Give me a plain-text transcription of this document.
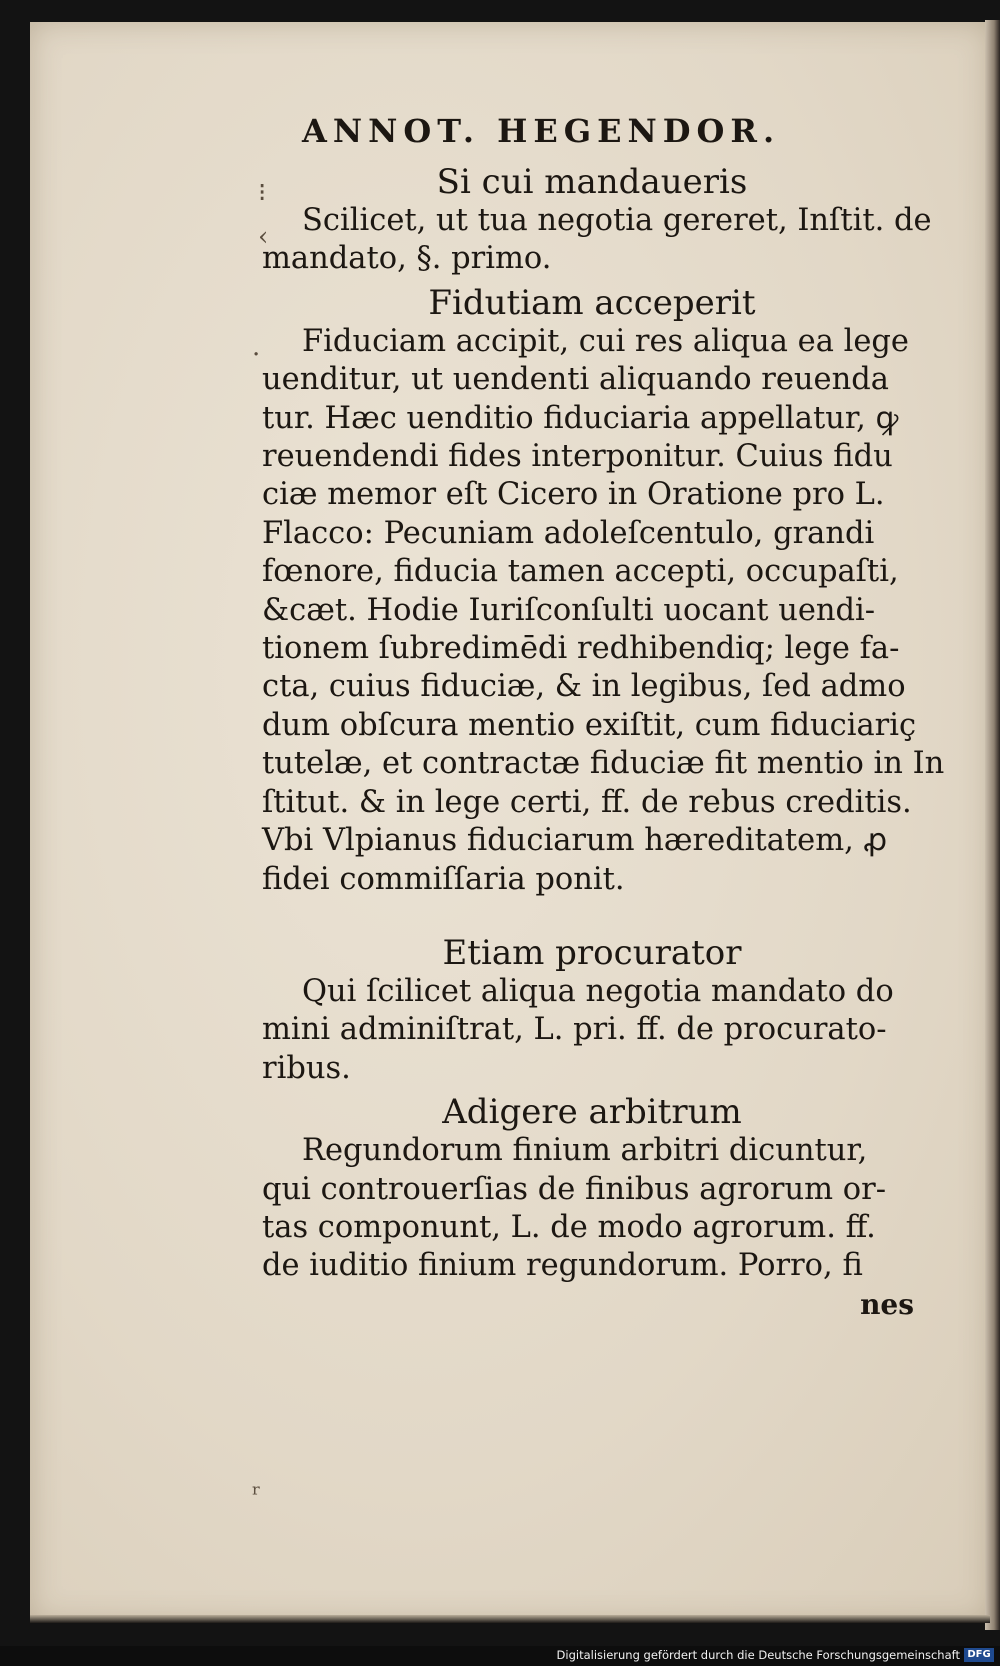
⁝
‹
·
ʳ
ANNOT. HEGENDOR.
Si cui mandaueris

Scilicet, ut tua negotia gereret, Inſtit. de
mandato, §. primo.

Fidutiam acceperit

Fiduciam accipit, cui res aliqua ea lege
uenditur, ut uendenti aliquando reuenda
tur. Hæc uenditio fiduciaria appellatur, ꝙ
reuendendi fides interponitur. Cuius fidu
ciæ memor eſt Cicero in Oratione pro L.
Flacco: Pecuniam adoleſcentulo, grandi
fœnore, fiducia tamen accepti, occupaſti,
&cæt. Hodie Iuriſconſulti uocant uendi-
tionem ſubredimēdi redhibendiq; lege fa-
cta, cuius fiduciæ, & in legibus, ſed admo
dum obſcura mentio exiſtit, cum fiduciariç
tutelæ, et contractæ fiduciæ fit mentio in In
ſtitut. & in lege certi, ff. de rebus creditis.
Vbi Vlpianus fiduciarum hæreditatem, ꝓ
fidei commiſſaria ponit.

Etiam procurator

Qui ſcilicet aliqua negotia mandato do
mini adminiſtrat, L. pri. ff. de procurato-
ribus.

Adigere arbitrum

Regundorum finium arbitri dicuntur,
qui controuerſias de finibus agrorum or-
tas componunt, L. de modo agrorum. ff.
de iuditio finium regundorum. Porro, fi

nes
Digitalisierung gefördert durch die Deutsche Forschungsgemeinschaft DFG
